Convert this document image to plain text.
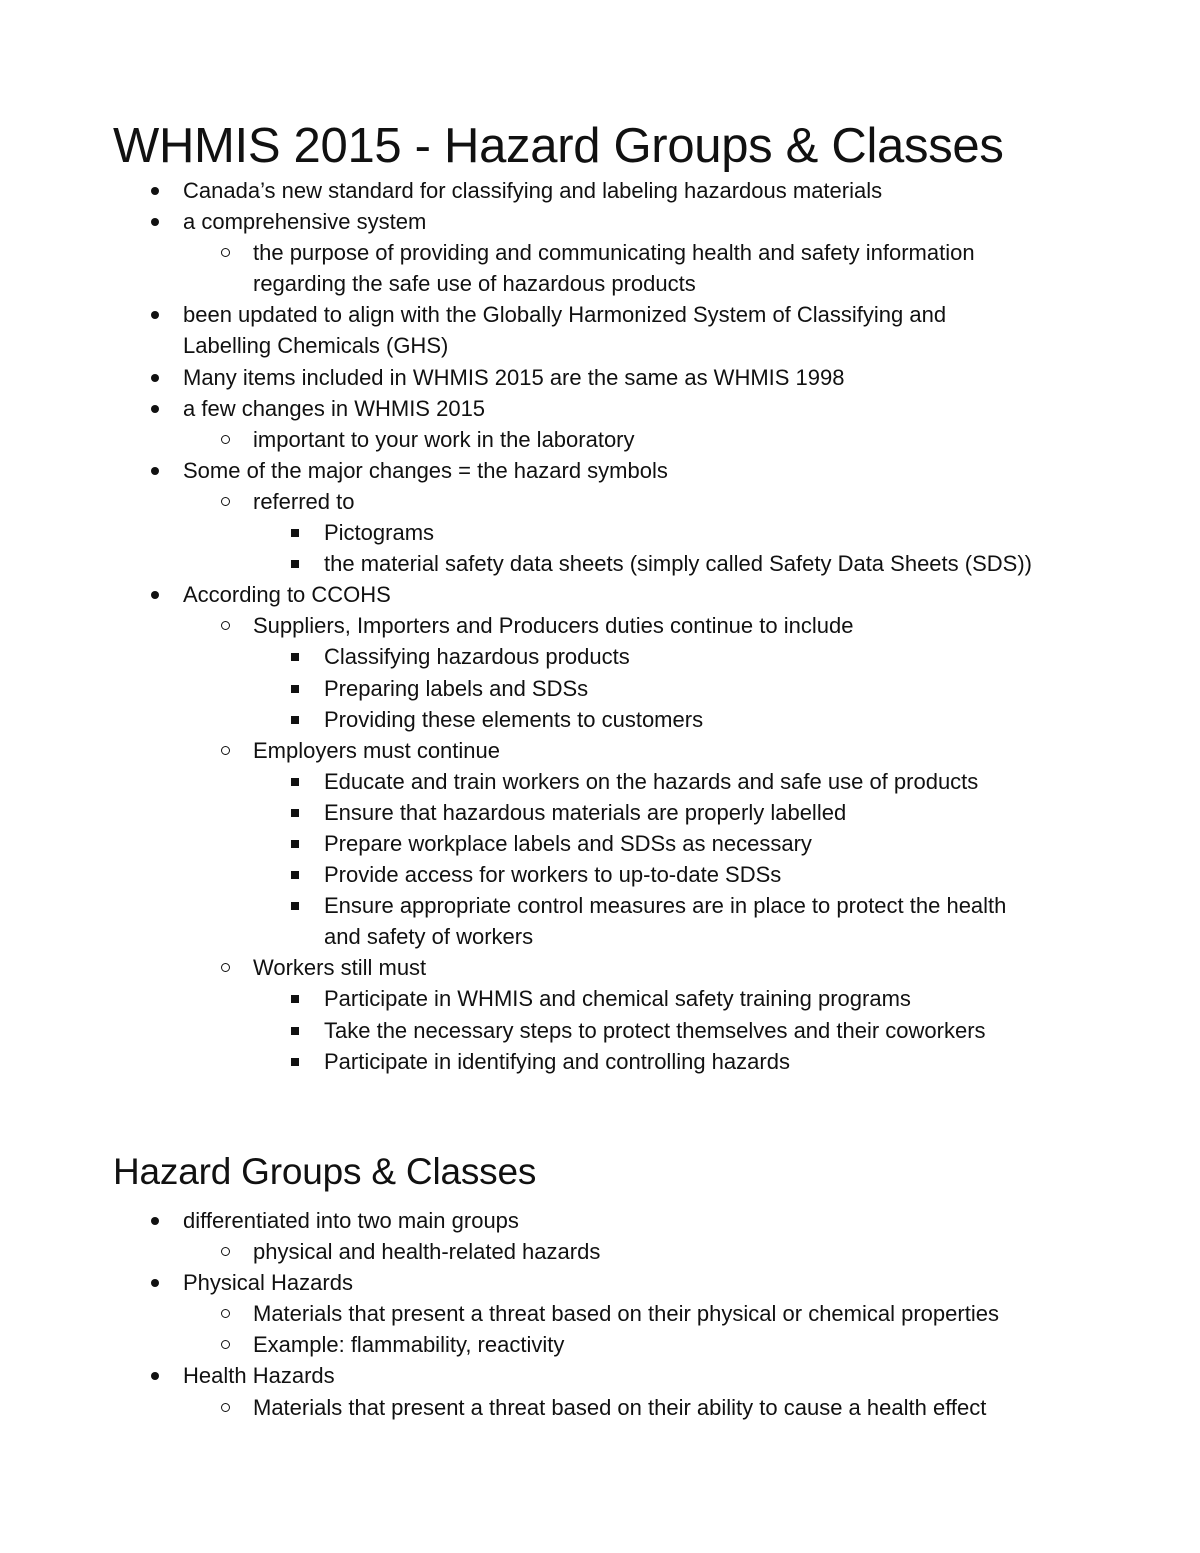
WHMIS 2015 - Hazard Groups & Classes
Canada’s new standard for classifying and labeling hazardous materials
a comprehensive system
the purpose of providing and communicating health and safety information
regarding the safe use of hazardous products
been updated to align with the Globally Harmonized System of Classifying and
Labelling Chemicals (GHS)
Many items included in WHMIS 2015 are the same as WHMIS 1998
a few changes in WHMIS 2015
important to your work in the laboratory
Some of the major changes = the hazard symbols
referred to
Pictograms
the material safety data sheets (simply called Safety Data Sheets (SDS))
According to CCOHS
Suppliers, Importers and Producers duties continue to include
Classifying hazardous products
Preparing labels and SDSs
Providing these elements to customers
Employers must continue
Educate and train workers on the hazards and safe use of products
Ensure that hazardous materials are properly labelled
Prepare workplace labels and SDSs as necessary
Provide access for workers to up-to-date SDSs
Ensure appropriate control measures are in place to protect the health
and safety of workers
Workers still must
Participate in WHMIS and chemical safety training programs
Take the necessary steps to protect themselves and their coworkers
Participate in identifying and controlling hazards
Hazard Groups & Classes
differentiated into two main groups
physical and health-related hazards
Physical Hazards
Materials that present a threat based on their physical or chemical properties
Example: flammability, reactivity
Health Hazards
Materials that present a threat based on their ability to cause a health effect
